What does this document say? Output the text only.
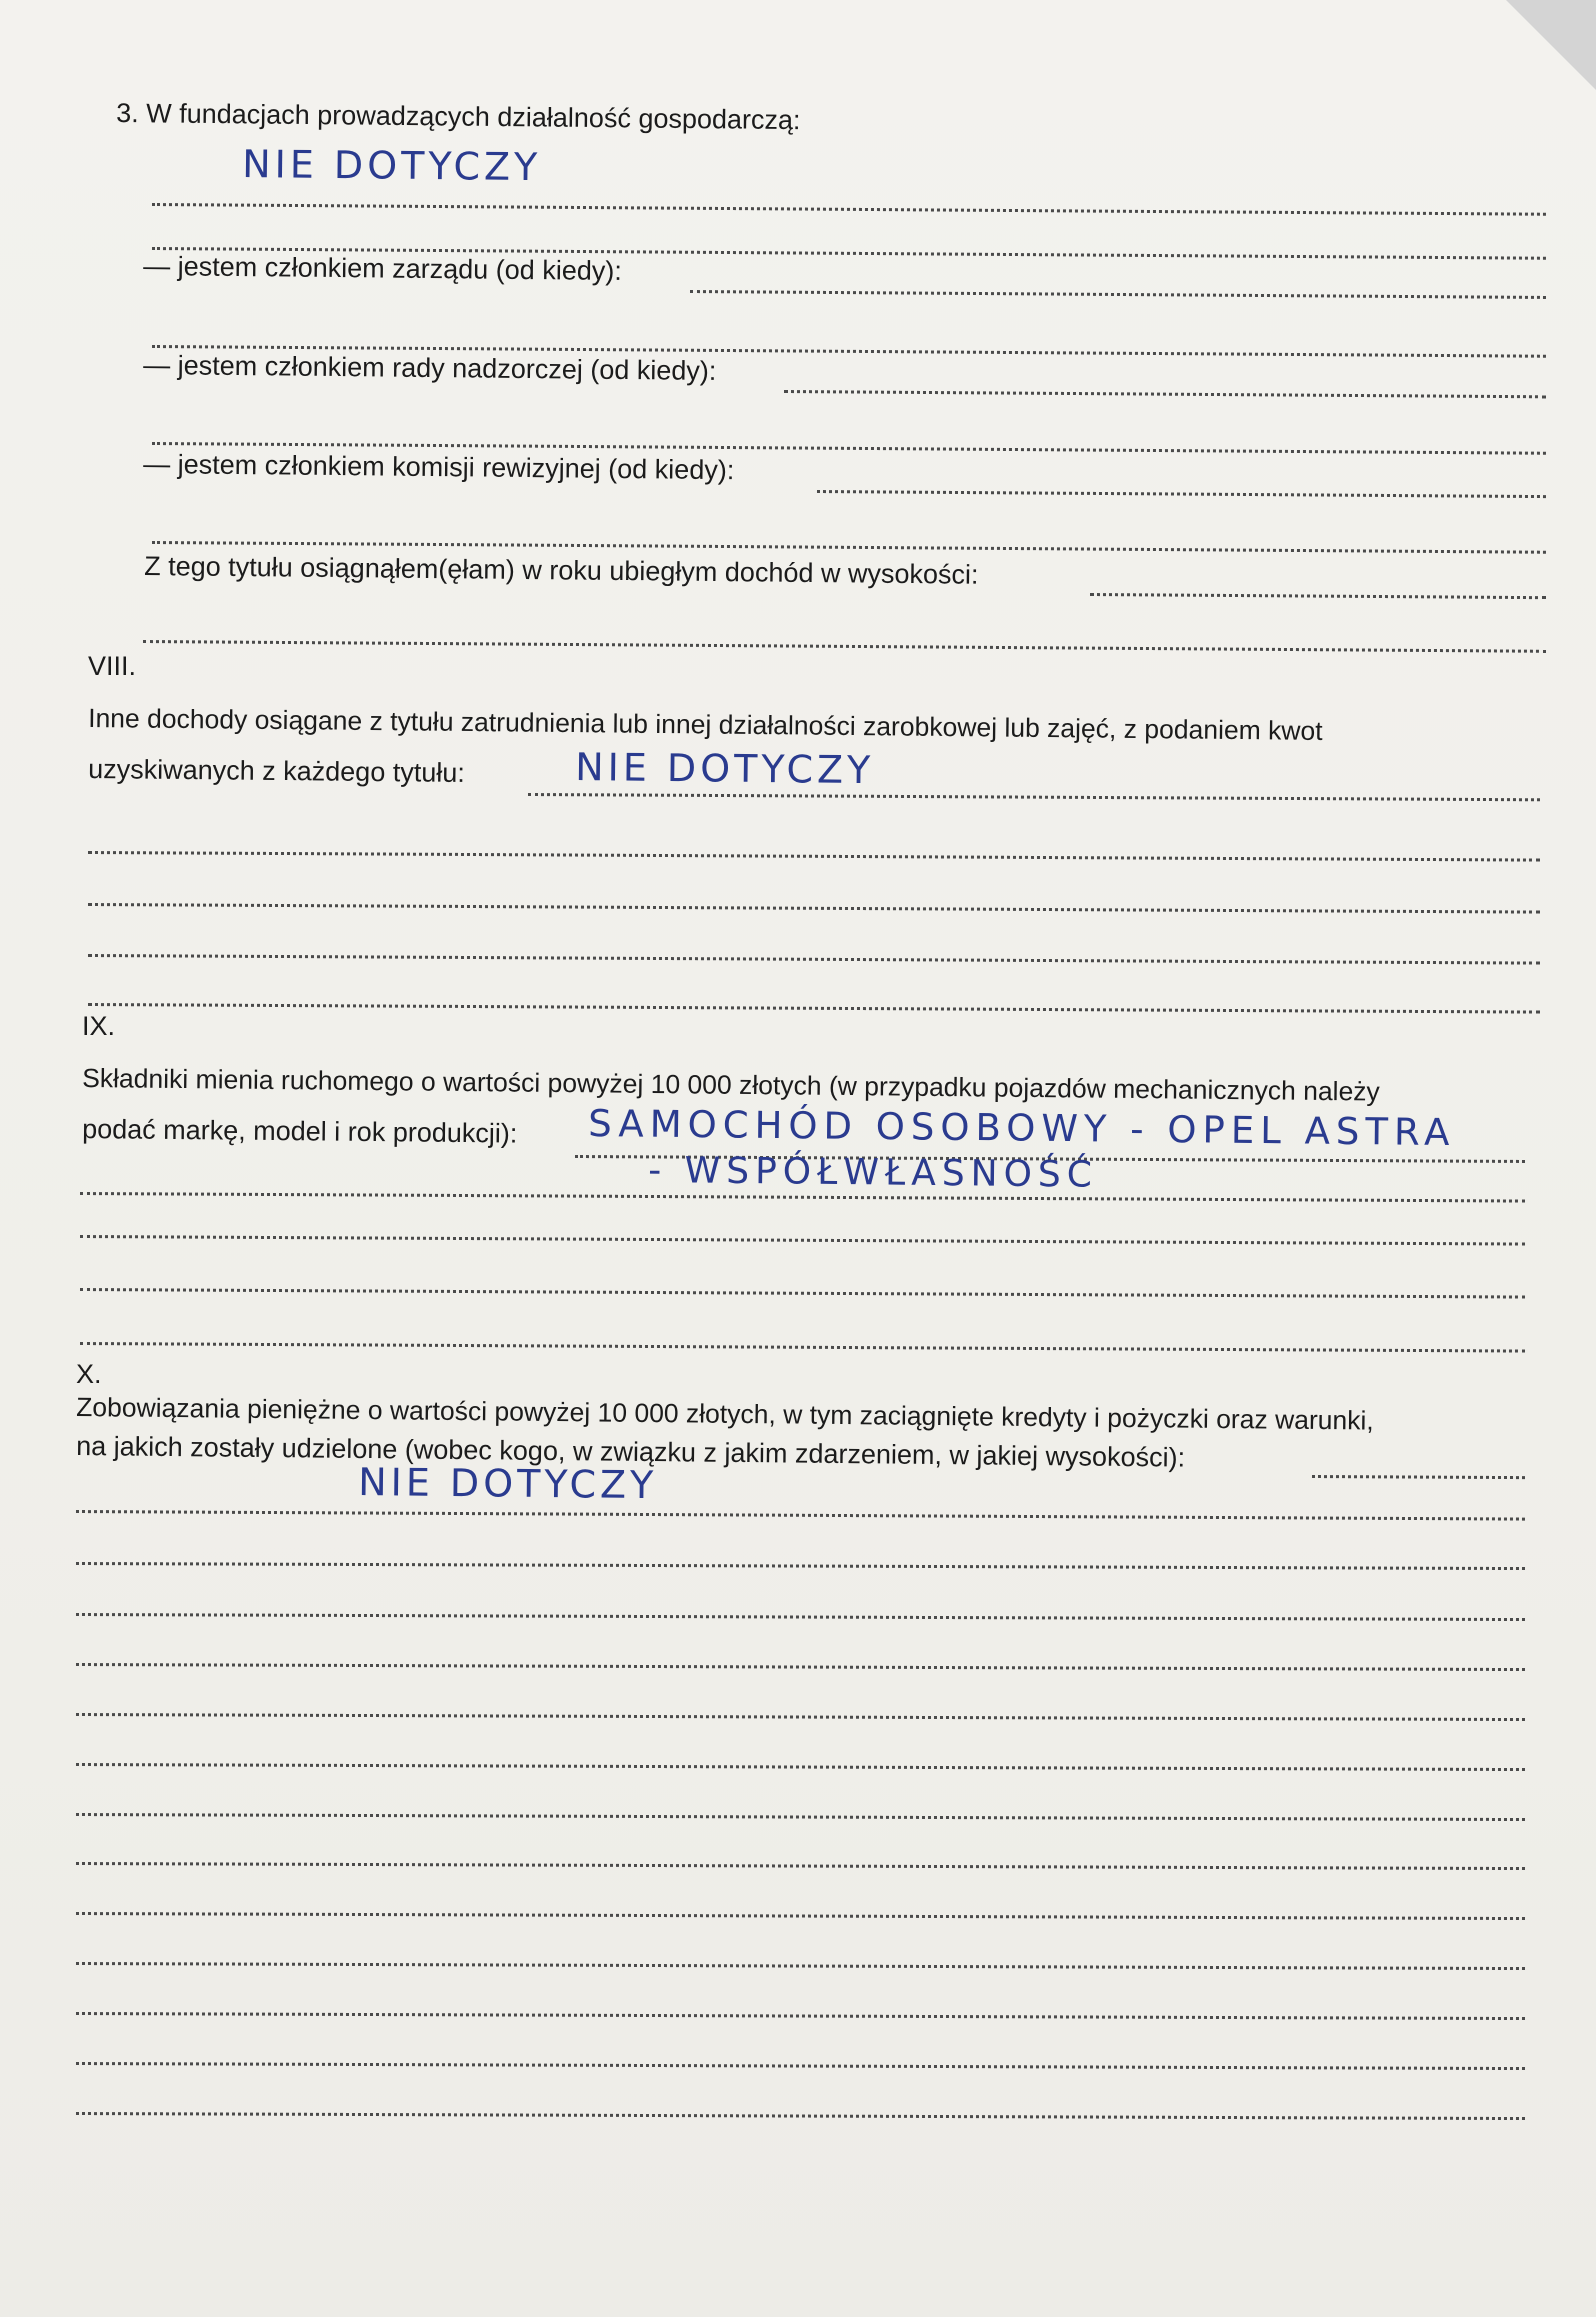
3. W fundacjach prowadzących działalność gospodarczą:
NIE DOTYCZY
— jestem członkiem zarządu (od kiedy):
— jestem członkiem rady nadzorczej (od kiedy):
— jestem członkiem komisji rewizyjnej (od kiedy):
Z tego tytułu osiągnąłem(ęłam) w roku ubiegłym dochód w wysokości:
VIII.
Inne dochody osiągane z tytułu zatrudnienia lub innej działalności zarobkowej lub zajęć, z podaniem kwot
uzyskiwanych z każdego tytułu:	NIE DOTYCZY
IX.
Składniki mienia ruchomego o wartości powyżej 10 000 złotych (w przypadku pojazdów mechanicznych należy
podać markę, model i rok produkcji): SAMOCHÓD OSOBOWY - OPEL ASTRA
- WSPÓŁWŁASNOŚĆ
X.
Zobowiązania pieniężne o wartości powyżej 10 000 złotych, w tym zaciągnięte kredyty i pożyczki oraz warunki,
na jakich zostały udzielone (wobec kogo, w związku z jakim zdarzeniem, w jakiej wysokości):
NIE DOTYCZY
